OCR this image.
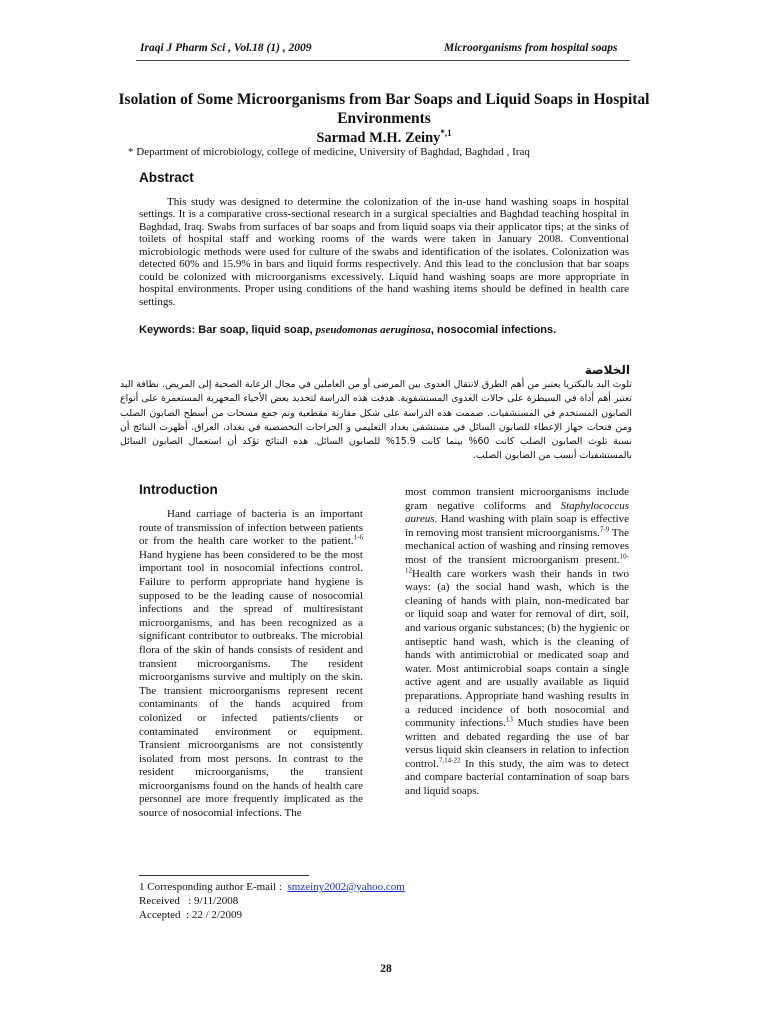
Iraqi J Pharm Sci , Vol.18 (1) , 2009	Microorganisms from hospital soaps
Isolation of Some Microorganisms from Bar Soaps and Liquid Soaps in Hospital Environments
Sarmad M.H. Zeiny$^{*,1}$
* Department of microbiology, college of medicine, University of Baghdad, Baghdad , Iraq
Abstract

This study was designed to determine the colonization of the in-use hand washing soaps in hospital settings. It is a comparative cross-sectional research in a surgical specialties and Baghdad teaching hospital in Baghdad, Iraq. Swabs from surfaces of bar soaps and from liquid soaps via their applicator tips; at the sinks of toilets of hospital staff and working rooms of the wards were taken in January 2008. Conventional microbiologic methods were used for culture of the swabs and identification of the isolates. Colonization was detected 60% and 15.9% in bars and liquid forms respectively. And this lead to the conclusion that bar soaps could be colonized with microorganisms excessively. Liquid hand washing soaps are more appropriate in hospital environments. Proper using conditions of the hand washing items should be defined in health care settings.

Keywords: Bar soap, liquid soap, pseudomonas aeruginosa, nosocomial infections.
الخلاصة

تلوث اليد بالبكتريا يعتبر من أهم الطرق لانتقال العدوى بين المرضى أو من العاملين في مجال الرعاية الصحية إلى المريض. نظافة اليد تعتبر أهم أداة في السيطرة على حالات العدوى المستشفوية. هدفت هذه الدراسة لتحديد بعض الأحياء المجهرية المستعمرة على أنواع الصابون المستخدم في المستشفيات. صممت هذه الدراسة على شكل مقارنة مقطعية وتم جمع مسحات من أسطح الصابون الصلب ومن فتحات جهاز الإعطاء للصابون السائل في مستشفى بغداد التعليمي و الجراحات التخصصية في بغداد، العراق. أظهرت النتائج أن نسبة تلوث الصابون الصلب كانت 60% بينما كانت 15.9% للصابون السائل. هذه النتائج تؤكد أن استعمال الصابون السائل بالمستشفيات أنسب من الصابون الصلب.

Introduction

Hand carriage of bacteria is an important route of transmission of infection between patients or from the health care worker to the patient.$^{1-6}$ Hand hygiene has been considered to be the most important tool in nosocomial infections control. Failure to perform appropriate hand hygiene is supposed to be the leading cause of nosocomial infections and the spread of multiresistant microorganisms, and has been recognized as a significant contributor to outbreaks. The microbial flora of the skin of hands consists of resident and transient microorganisms. The resident microorganisms survive and multiply on the skin. The transient microorganisms represent recent contaminants of the hands acquired from colonized or infected patients/clients or contaminated environment or equipment. Transient microorganisms are not consistently isolated from most persons. In contrast to the resident microorganisms, the transient microorganisms found on the hands of health care personnel are more frequently implicated as the source of nosocomial infections. The

most common transient microorganisms include gram negative coliforms and Staphylococcus aureus. Hand washing with plain soap is effective in removing most transient microorganisms.$^{7-9}$ The mechanical action of washing and rinsing removes most of the transient microorganism present.$^{10-12}$Health care workers wash their hands in two ways: (a) the social hand wash, which is the cleaning of hands with plain, non-medicated bar or liquid soap and water for removal of dirt, soil, and various organic substances; (b) the hygienic or antiseptic hand wash, which is the cleaning of hands with antimicrobial or medicated soap and water. Most antimicrobial soaps contain a single active agent and are usually available as liquid preparations. Appropriate hand washing results in a reduced incidence of both nosocomial and community infections.$^{13}$ Much studies have been written and debated regarding the use of bar versus liquid skin cleansers in relation to infection control.$^{7,14-22}$ In this study, the aim was to detect and compare bacterial contamination of soap bars and liquid soaps.

1 Corresponding author E-mail : smzeiny2002@yahoo.com
Received : 9/11/2008
Accepted : 22 / 2/2009
28
